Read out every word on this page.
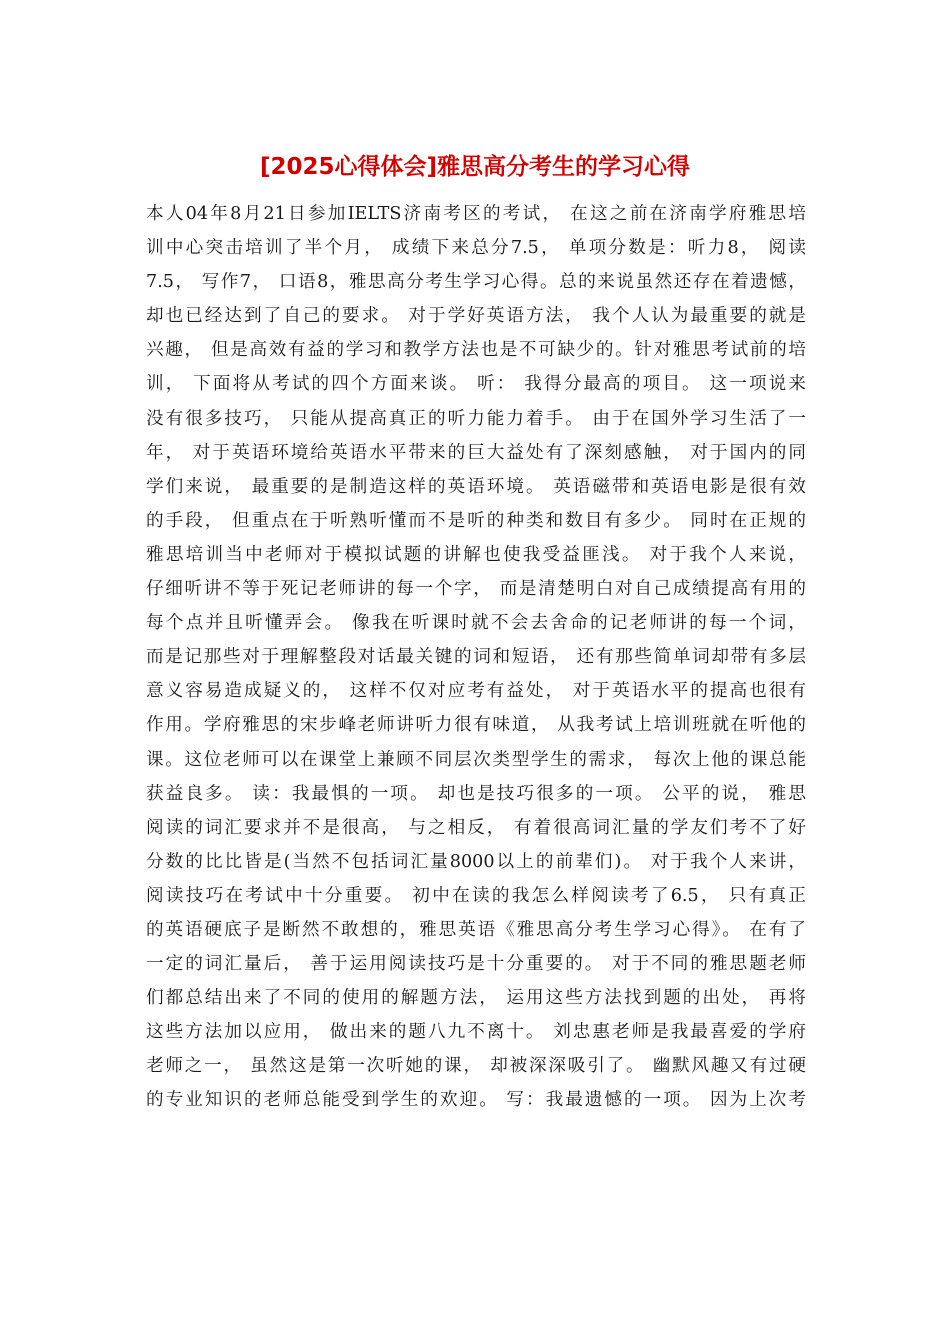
[2025心得体会]雅思高分考生的学习心得
本人04年8月21日参加IELTS济南考区的考试， 在这之前在济南学府雅思培
训中心突击培训了半个月， 成绩下来总分7.5， 单项分数是：听力8， 阅读
7.5， 写作7， 口语8，雅思高分考生学习心得。总的来说虽然还存在着遗憾，
却也已经达到了自己的要求。 对于学好英语方法， 我个人认为最重要的就是
兴趣， 但是高效有益的学习和教学方法也是不可缺少的。针对雅思考试前的培
训， 下面将从考试的四个方面来谈。 听： 我得分最高的项目。 这一项说来
没有很多技巧， 只能从提高真正的听力能力着手。 由于在国外学习生活了一
年， 对于英语环境给英语水平带来的巨大益处有了深刻感触， 对于国内的同
学们来说， 最重要的是制造这样的英语环境。 英语磁带和英语电影是很有效
的手段， 但重点在于听熟听懂而不是听的种类和数目有多少。 同时在正规的
雅思培训当中老师对于模拟试题的讲解也使我受益匪浅。 对于我个人来说，
仔细听讲不等于死记老师讲的每一个字， 而是清楚明白对自己成绩提高有用的
每个点并且听懂弄会。 像我在听课时就不会去舍命的记老师讲的每一个词，
而是记那些对于理解整段对话最关键的词和短语， 还有那些简单词却带有多层
意义容易造成疑义的， 这样不仅对应考有益处， 对于英语水平的提高也很有
作用。学府雅思的宋步峰老师讲听力很有味道， 从我考试上培训班就在听他的
课。这位老师可以在课堂上兼顾不同层次类型学生的需求， 每次上他的课总能
获益良多。 读：我最惧的一项。 却也是技巧很多的一项。 公平的说， 雅思
阅读的词汇要求并不是很高， 与之相反， 有着很高词汇量的学友们考不了好
分数的比比皆是(当然不包括词汇量8000以上的前辈们)。 对于我个人来讲，
阅读技巧在考试中十分重要。 初中在读的我怎么样阅读考了6.5， 只有真正
的英语硬底子是断然不敢想的，雅思英语《雅思高分考生学习心得》。 在有了
一定的词汇量后， 善于运用阅读技巧是十分重要的。 对于不同的雅思题老师
们都总结出来了不同的使用的解题方法， 运用这些方法找到题的出处， 再将
这些方法加以应用， 做出来的题八九不离十。 刘忠惠老师是我最喜爱的学府
老师之一， 虽然这是第一次听她的课， 却被深深吸引了。 幽默风趣又有过硬
的专业知识的老师总能受到学生的欢迎。 写：我最遗憾的一项。 因为上次考
